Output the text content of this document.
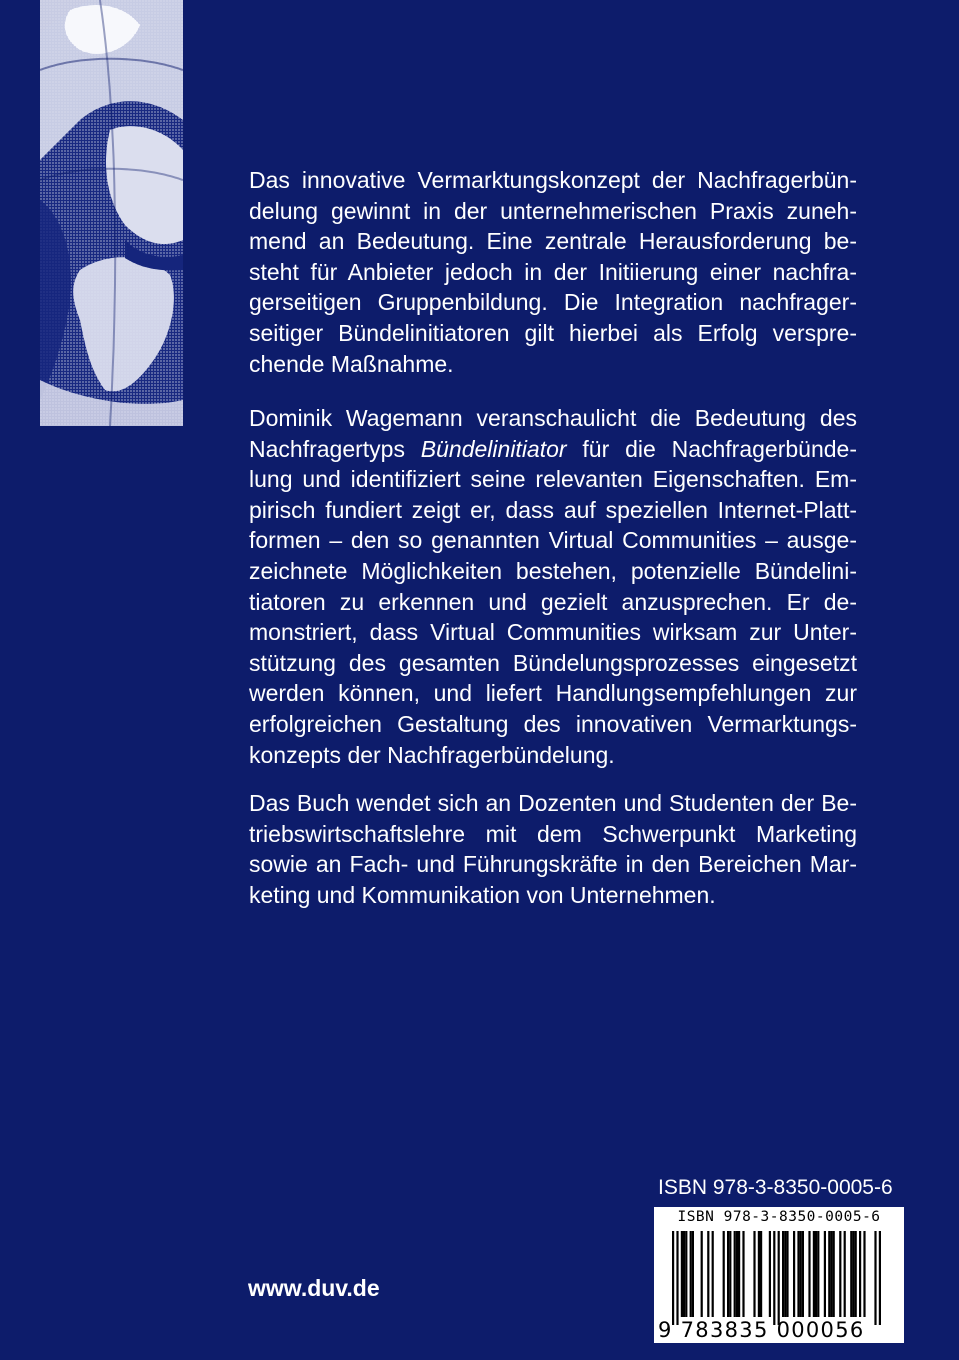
Das innovative Vermarktungskonzept der Nachfragerbün-
delung gewinnt in der unternehmerischen Praxis zuneh-
mend an Bedeutung. Eine zentrale Herausforderung be-
steht für Anbieter jedoch in der Initiierung einer nachfra-
gerseitigen Gruppenbildung. Die Integration nachfrager-
seitiger Bündelinitiatoren gilt hierbei als Erfolg verspre-
chende Maßnahme.
Dominik Wagemann veranschaulicht die Bedeutung des
Nachfragertyps Bündelinitiator für die Nachfragerbünde-
lung und identifiziert seine relevanten Eigenschaften. Em-
pirisch fundiert zeigt er, dass auf speziellen Internet-Platt-
formen – den so genannten Virtual Communities – ausge-
zeichnete Möglichkeiten bestehen, potenzielle Bündelini-
tiatoren zu erkennen und gezielt anzusprechen. Er de-
monstriert, dass Virtual Communities wirksam zur Unter-
stützung des gesamten Bündelungsprozesses eingesetzt
werden können, und liefert Handlungsempfehlungen zur
erfolgreichen Gestaltung des innovativen Vermarktungs-
konzepts der Nachfragerbündelung.
Das Buch wendet sich an Dozenten und Studenten der Be-
triebswirtschaftslehre mit dem Schwerpunkt Marketing
sowie an Fach- und Führungskräfte in den Bereichen Mar-
keting und Kommunikation von Unternehmen.
ISBN 978-3-8350-0005-6
ISBN 978-3-8350-0005-6
9 783835 000056
www.duv.de
